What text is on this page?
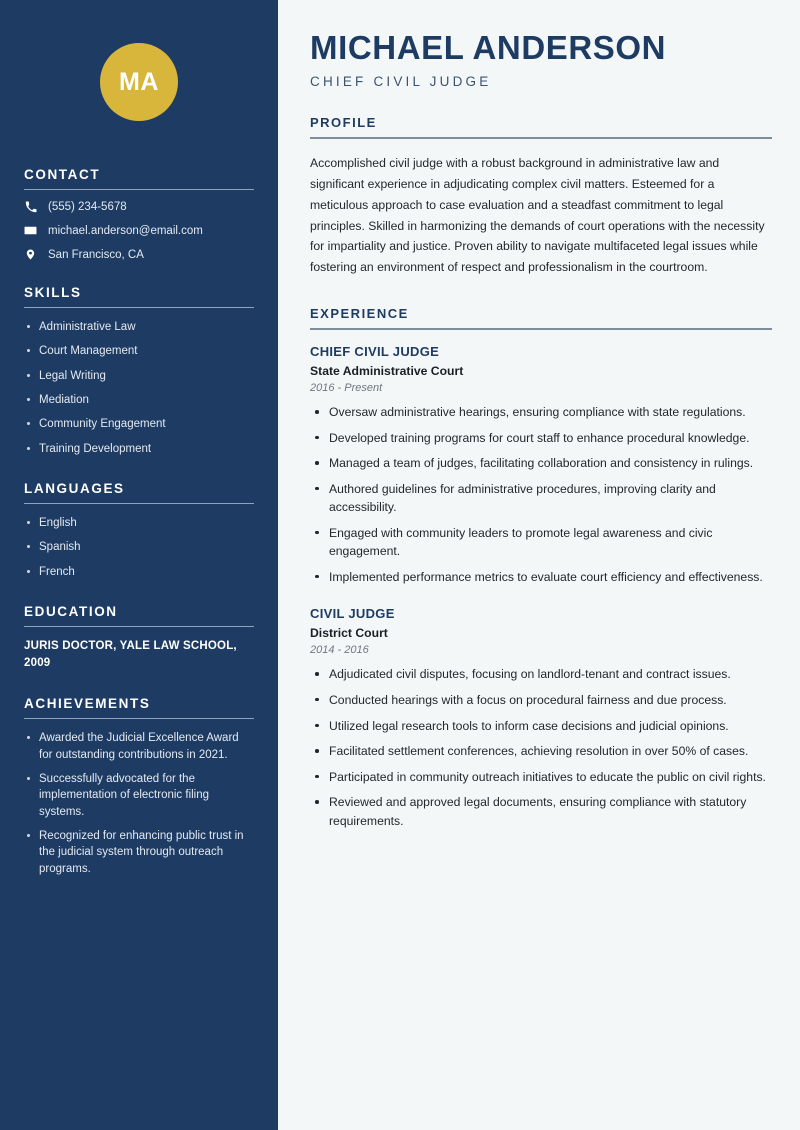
MA
CONTACT
(555) 234-5678
michael.anderson@email.com
San Francisco, CA
SKILLS
Administrative Law
Court Management
Legal Writing
Mediation
Community Engagement
Training Development
LANGUAGES
English
Spanish
French
EDUCATION
JURIS DOCTOR, YALE LAW SCHOOL, 2009
ACHIEVEMENTS
Awarded the Judicial Excellence Award for outstanding contributions in 2021.
Successfully advocated for the implementation of electronic filing systems.
Recognized for enhancing public trust in the judicial system through outreach programs.
MICHAEL ANDERSON
CHIEF CIVIL JUDGE
PROFILE

Accomplished civil judge with a robust background in administrative law and significant experience in adjudicating complex civil matters. Esteemed for a meticulous approach to case evaluation and a steadfast commitment to legal principles. Skilled in harmonizing the demands of court operations with the necessity for impartiality and justice. Proven ability to navigate multifaceted legal issues while fostering an environment of respect and professionalism in the courtroom.

EXPERIENCE
CHIEF CIVIL JUDGE
State Administrative Court
2016 - Present
Oversaw administrative hearings, ensuring compliance with state regulations.
Developed training programs for court staff to enhance procedural knowledge.
Managed a team of judges, facilitating collaboration and consistency in rulings.
Authored guidelines for administrative procedures, improving clarity and accessibility.
Engaged with community leaders to promote legal awareness and civic engagement.
Implemented performance metrics to evaluate court efficiency and effectiveness.
CIVIL JUDGE
District Court
2014 - 2016
Adjudicated civil disputes, focusing on landlord-tenant and contract issues.
Conducted hearings with a focus on procedural fairness and due process.
Utilized legal research tools to inform case decisions and judicial opinions.
Facilitated settlement conferences, achieving resolution in over 50% of cases.
Participated in community outreach initiatives to educate the public on civil rights.
Reviewed and approved legal documents, ensuring compliance with statutory requirements.
